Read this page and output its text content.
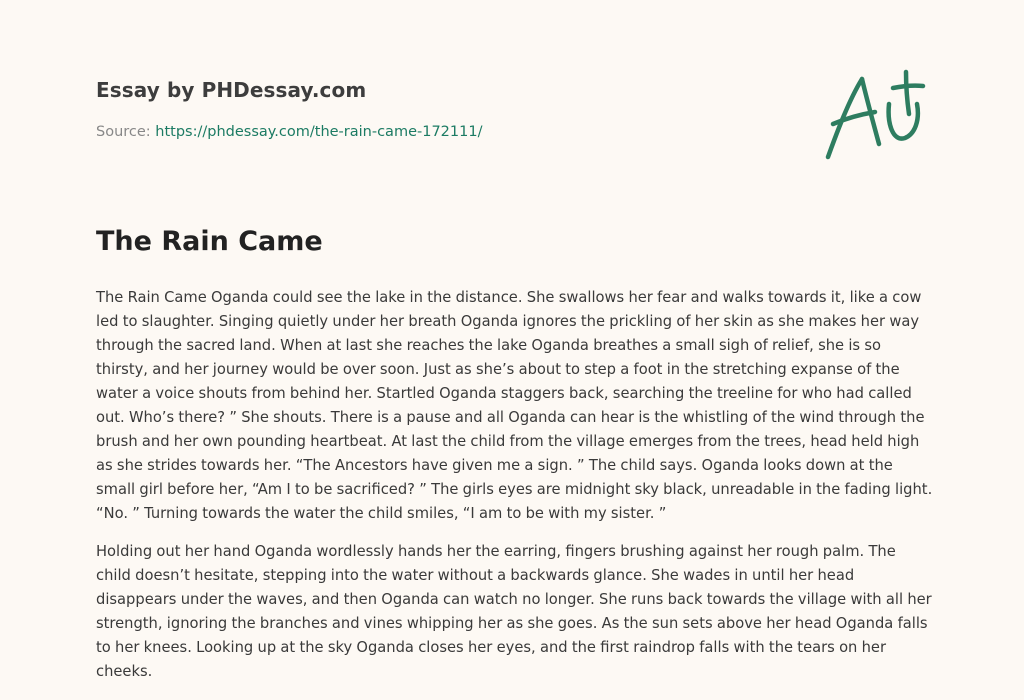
Essay by PHDessay.com
Source: https://phdessay.com/the-rain-came-172111/
The Rain Came

The Rain Came Oganda could see the lake in the distance. She swallows her fear and walks towards it, like a cow led to slaughter. Singing quietly under her breath Oganda ignores the prickling of her skin as she makes her way through the sacred land. When at last she reaches the lake Oganda breathes a small sigh of relief, she is so thirsty, and her journey would be over soon. Just as she’s about to step a foot in the stretching expanse of the water a voice shouts from behind her. Startled Oganda staggers back, searching the treeline for who had called out. Who’s there? ” She shouts. There is a pause and all Oganda can hear is the whistling of the wind through the brush and her own pounding heartbeat. At last the child from the village emerges from the trees, head held high as she strides towards her. “The Ancestors have given me a sign. ” The child says. Oganda looks down at the small girl before her, “Am I to be sacrificed? ” The girls eyes are midnight sky black, unreadable in the fading light. “No. ” Turning towards the water the child smiles, “I am to be with my sister. ”

Holding out her hand Oganda wordlessly hands her the earring, fingers brushing against her rough palm. The child doesn’t hesitate, stepping into the water without a backwards glance. She wades in until her head disappears under the waves, and then Oganda can watch no longer. She runs back towards the village with all her strength, ignoring the branches and vines whipping her as she goes. As the sun sets above her head Oganda falls to her knees. Looking up at the sky Oganda closes her eyes, and the first raindrop falls with the tears on her cheeks.
